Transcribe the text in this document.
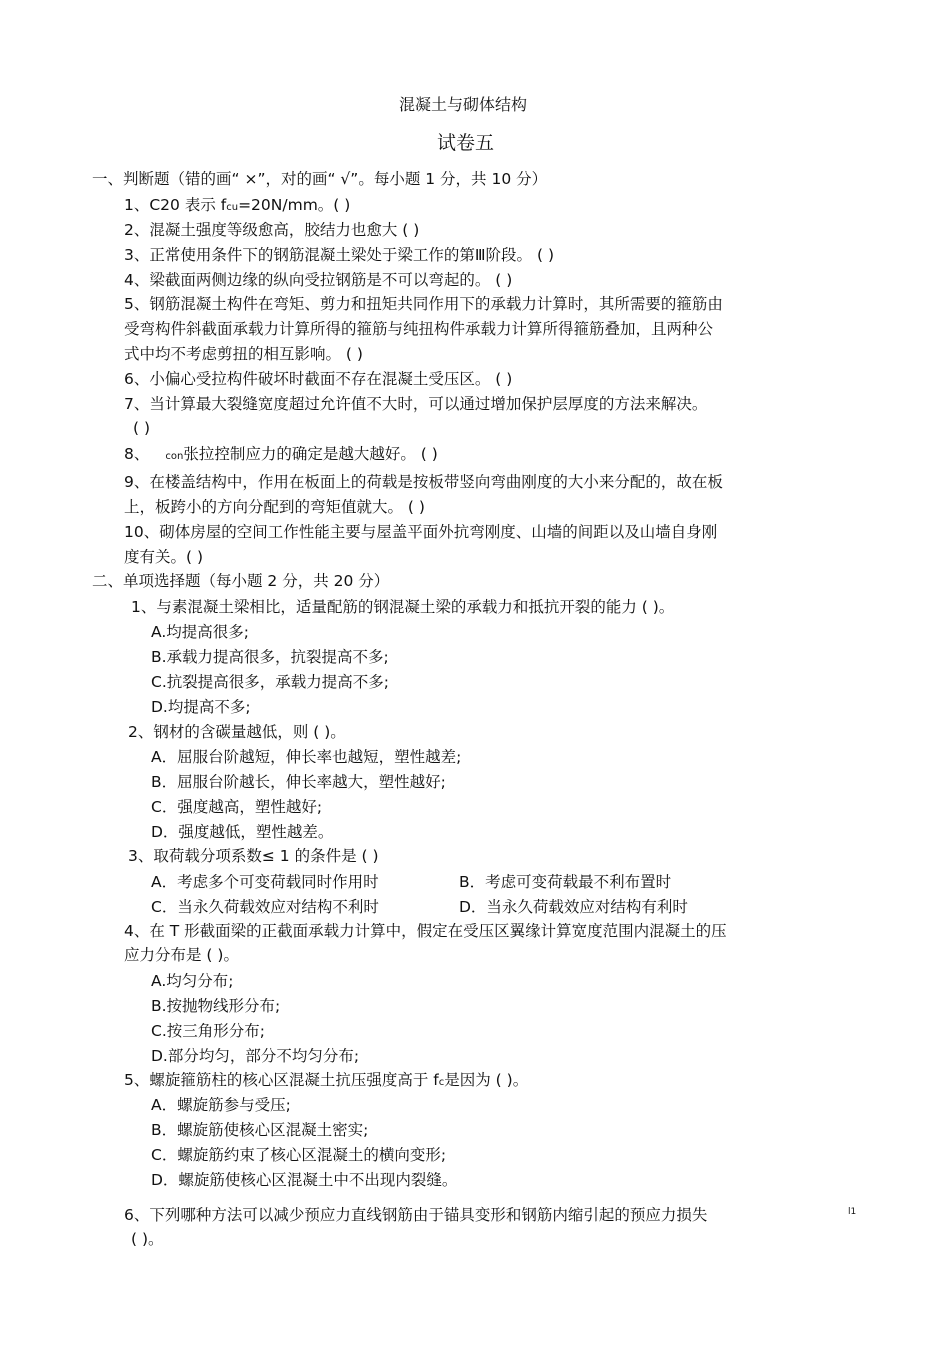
混凝土与砌体结构
试卷五
一、判断题（错的画“ ×”，对的画“ √”。每小题 1 分，共 10 分）
1、C20 表示 fcu=20N/mm。( )
2、混凝土强度等级愈高，胶结力也愈大 ( )
3、正常使用条件下的钢筋混凝土梁处于梁工作的第Ⅲ阶段。 ( )
4、梁截面两侧边缘的纵向受拉钢筋是不可以弯起的。 ( )
5、钢筋混凝土构件在弯矩、剪力和扭矩共同作用下的承载力计算时，其所需要的箍筋由
受弯构件斜截面承载力计算所得的箍筋与纯扭构件承载力计算所得箍筋叠加，且两种公
式中均不考虑剪扭的相互影响。 ( )
6、小偏心受拉构件破坏时截面不存在混凝土受压区。 ( )
7、当计算最大裂缝宽度超过允许值不大时，可以通过增加保护层厚度的方法来解决。
( )
8、 con张拉控制应力的确定是越大越好。 ( )
9、在楼盖结构中，作用在板面上的荷载是按板带竖向弯曲刚度的大小来分配的，故在板
上，板跨小的方向分配到的弯矩值就大。 ( )
10、砌体房屋的空间工作性能主要与屋盖平面外抗弯刚度、山墙的间距以及山墙自身刚
度有关。( )
二、单项选择题（每小题 2 分，共 20 分）
1、与素混凝土梁相比，适量配筋的钢混凝土梁的承载力和抵抗开裂的能力 ( )。
A.均提高很多;
B.承载力提高很多，抗裂提高不多;
C.抗裂提高很多，承载力提高不多;
D.均提高不多;
2、钢材的含碳量越低，则 ( )。
A．屈服台阶越短，伸长率也越短，塑性越差;
B．屈服台阶越长，伸长率越大，塑性越好;
C．强度越高，塑性越好;
D．强度越低，塑性越差。
3、取荷载分项系数≤ 1 的条件是 ( )
A．考虑多个可变荷载同时作用时	B．考虑可变荷载最不利布置时
C．当永久荷载效应对结构不利时	D．当永久荷载效应对结构有利时
4、在 T 形截面梁的正截面承载力计算中，假定在受压区翼缘计算宽度范围内混凝土的压
应力分布是 ( )。
A.均匀分布;
B.按抛物线形分布;
C.按三角形分布;
D.部分均匀，部分不均匀分布;
5、螺旋箍筋柱的核心区混凝土抗压强度高于 fc是因为 ( )。
A．螺旋筋参与受压;
B．螺旋筋使核心区混凝土密实;
C．螺旋筋约束了核心区混凝土的横向变形;
D．螺旋筋使核心区混凝土中不出现内裂缝。
6、下列哪种方法可以减少预应力直线钢筋由于锚具变形和钢筋内缩引起的预应力损失	l1
( )。
